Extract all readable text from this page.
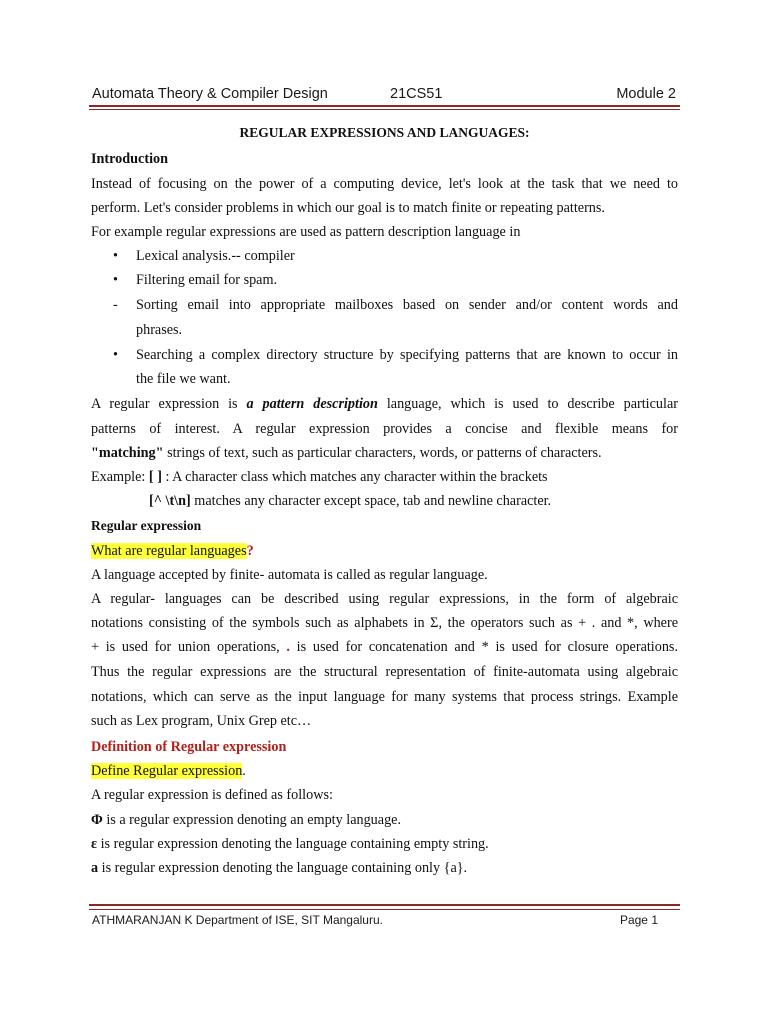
Automata Theory & Compiler Design	21CS51	Module 2
REGULAR EXPRESSIONS AND LANGUAGES:
Introduction
Instead of focusing on the power of a computing device, let's look at the task that we need to
perform. Let's consider problems in which our goal is to match finite or repeating patterns.
For example regular expressions are used as pattern description language in
• Lexical analysis.-- compiler
• Filtering email for spam.
- Sorting email into appropriate mailboxes based on sender and/or content words and
phrases.
• Searching a complex directory structure by specifying patterns that are known to occur in
the file we want.
A regular expression is a pattern description language, which is used to describe particular
patterns of interest. A regular expression provides a concise and flexible means for
"matching" strings of text, such as particular characters, words, or patterns of characters.
Example: [ ] : A character class which matches any character within the brackets
[^ \t\n] matches any character except space, tab and newline character.
Regular expression
What are regular languages?
A language accepted by finite- automata is called as regular language.
A regular- languages can be described using regular expressions, in the form of algebraic
notations consisting of the symbols such as alphabets in Σ, the operators such as + . and *, where
+ is used for union operations, . is used for concatenation and * is used for closure operations.
Thus the regular expressions are the structural representation of finite-automata using algebraic
notations, which can serve as the input language for many systems that process strings. Example
such as Lex program, Unix Grep etc…
Definition of Regular expression
Define Regular expression.
A regular expression is defined as follows:
Φ is a regular expression denoting an empty language.
ε is regular expression denoting the language containing empty string.
a is regular expression denoting the language containing only {a}.
ATHMARANJAN K Department of ISE, SIT Mangaluru.	Page 1
